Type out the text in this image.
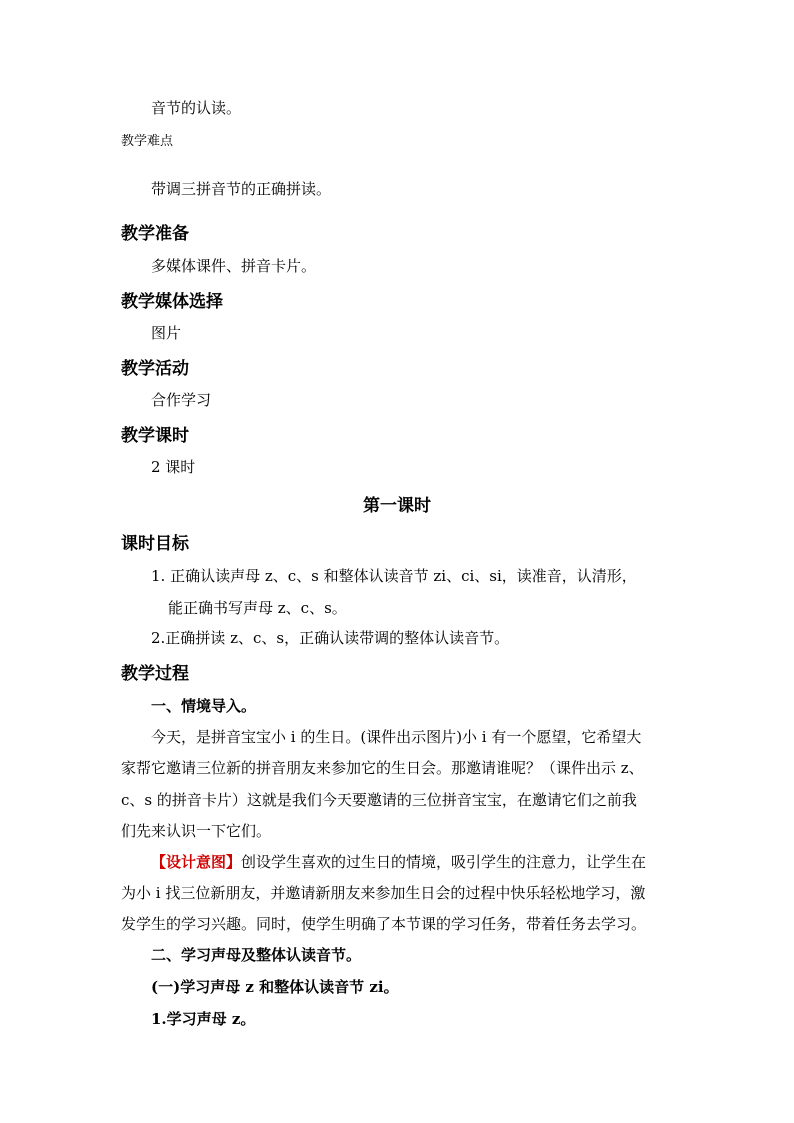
音节的认读。
教学难点
带调三拼音节的正确拼读。
教学准备
多媒体课件、拼音卡片。
教学媒体选择
图片
教学活动
合作学习
教学课时
2 课时
第一课时
课时目标
1. 正确认读声母 z、c、s 和整体认读音节 zi、ci、si，读准音，认清形，
能正确书写声母 z、c、s。
2.正确拼读 z、c、s，正确认读带调的整体认读音节。
教学过程
一、情境导入。
今天，是拼音宝宝小 i 的生日。(课件出示图片)小 i 有一个愿望，它希望大
家帮它邀请三位新的拼音朋友来参加它的生日会。那邀请谁呢？（课件出示 z、
c、s 的拼音卡片）这就是我们今天要邀请的三位拼音宝宝，在邀请它们之前我
们先来认识一下它们。
【设计意图】创设学生喜欢的过生日的情境，吸引学生的注意力，让学生在
为小 i 找三位新朋友，并邀请新朋友来参加生日会的过程中快乐轻松地学习，激
发学生的学习兴趣。同时，使学生明确了本节课的学习任务，带着任务去学习。
二、学习声母及整体认读音节。
(一)学习声母 z 和整体认读音节 zi。
1.学习声母 z。
